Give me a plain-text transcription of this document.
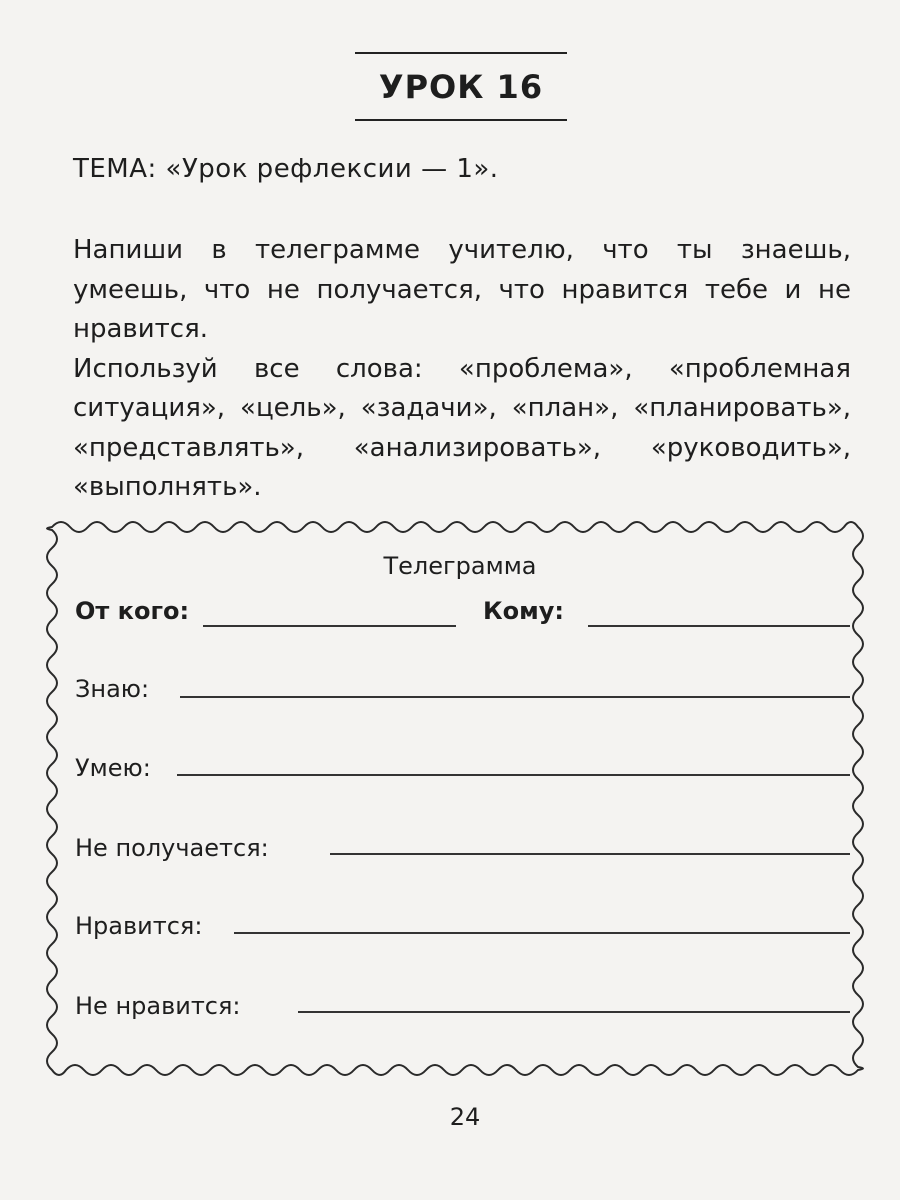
УРОК 16
ТЕМА: «Урок рефлексии — 1».

Напиши в телеграмме учителю, что ты знаешь, умеешь, что не получается, что нравится тебе и не нравится.

Используй все слова: «проблема», «проблемная ситуация», «цель», «задачи», «план», «планировать», «представлять», «анализировать», «руководить», «выполнять».

Телеграмма
От кого:	Кому:
Знаю:
Умею:
Не получается:
Нравится:
Не нравится:
24
